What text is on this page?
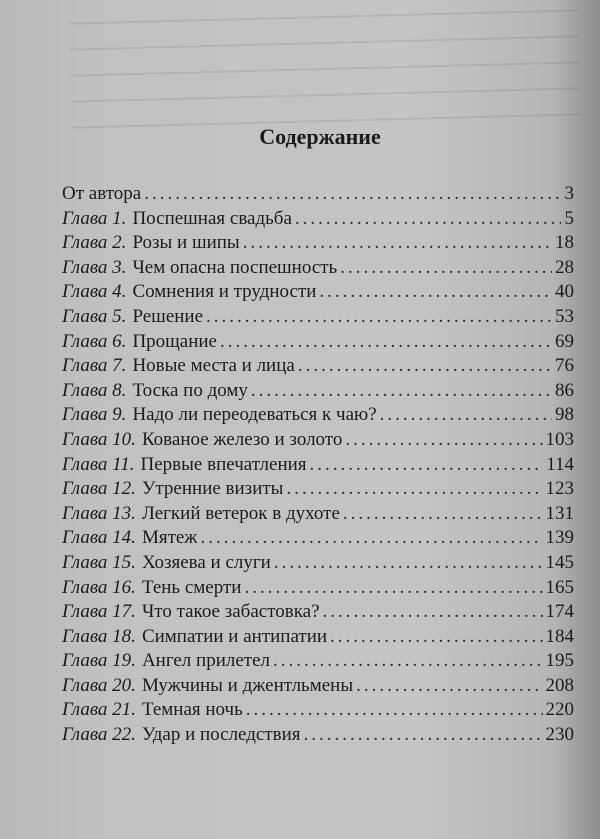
Содержание
От автора .....	3
Глава 1. Поспешная свадьба .....	5
Глава 2. Розы и шипы .....	18
Глава 3. Чем опасна поспешность .....	28
Глава 4. Сомнения и трудности .....	40
Глава 5. Решение .....	53
Глава 6. Прощание .....	69
Глава 7. Новые места и лица .....	76
Глава 8. Тоска по дому .....	86
Глава 9. Надо ли переодеваться к чаю? .....	98
Глава 10. Кованое железо и золото .....	103
Глава 11. Первые впечатления .....	114
Глава 12. Утренние визиты .....	123
Глава 13. Легкий ветерок в духоте .....	131
Глава 14. Мятеж .....	139
Глава 15. Хозяева и слуги .....	145
Глава 16. Тень смерти .....	165
Глава 17. Что такое забастовка? .....	174
Глава 18. Симпатии и антипатии .....	184
Глава 19. Ангел прилетел .....	195
Глава 20. Мужчины и джентльмены .....	208
Глава 21. Темная ночь .....	220
Глава 22. Удар и последствия .....	230
